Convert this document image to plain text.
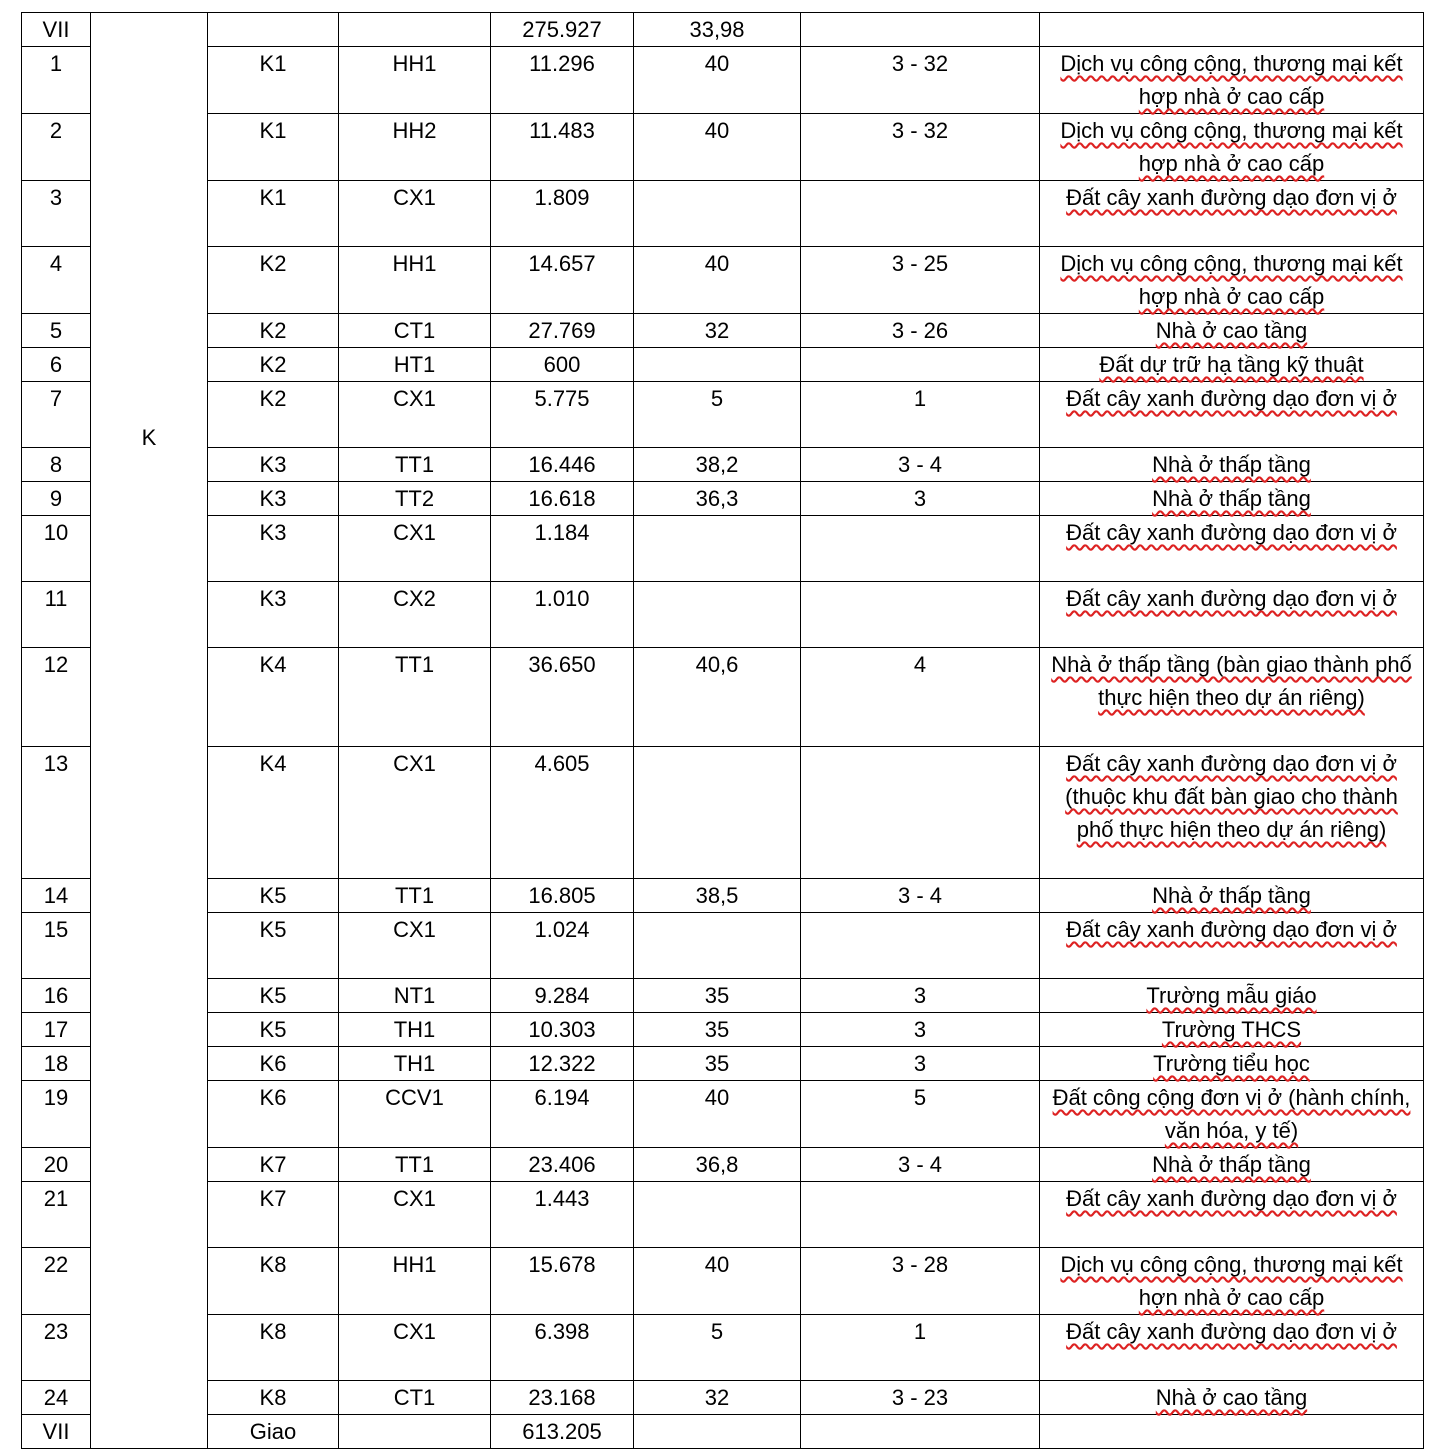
VII	K			275.927	33,98		
1		K1	HH1	11.296	40	3 - 32	Dịch vụ công cộng, thương mại kết hợp nhà ở cao cấp
2		K1	HH2	11.483	40	3 - 32	Dịch vụ công cộng, thương mại kết hợp nhà ở cao cấp
3		K1	CX1	1.809			Đất cây xanh đường dạo đơn vị ở
4		K2	HH1	14.657	40	3 - 25	Dịch vụ công cộng, thương mại kết hợp nhà ở cao cấp
5		K2	CT1	27.769	32	3 - 26	Nhà ở cao tầng
6		K2	HT1	600			Đất dự trữ hạ tầng kỹ thuật
7		K2	CX1	5.775	5	1	Đất cây xanh đường dạo đơn vị ở
8		K3	TT1	16.446	38,2	3 - 4	Nhà ở thấp tầng
9		K3	TT2	16.618	36,3	3	Nhà ở thấp tầng
10		K3	CX1	1.184			Đất cây xanh đường dạo đơn vị ở
11		K3	CX2	1.010			Đất cây xanh đường dạo đơn vị ở
12		K4	TT1	36.650	40,6	4	Nhà ở thấp tầng (bàn giao thành phố thực hiện theo dự án riêng)
13		K4	CX1	4.605			Đất cây xanh đường dạo đơn vị ở (thuộc khu đất bàn giao cho thành phố thực hiện theo dự án riêng)
14		K5	TT1	16.805	38,5	3 - 4	Nhà ở thấp tầng
15		K5	CX1	1.024			Đất cây xanh đường dạo đơn vị ở
16		K5	NT1	9.284	35	3	Trường mẫu giáo
17		K5	TH1	10.303	35	3	Trường THCS
18		K6	TH1	12.322	35	3	Trường tiểu học
19		K6	CCV1	6.194	40	5	Đất công cộng đơn vị ở (hành chính, văn hóa, y tế)
20		K7	TT1	23.406	36,8	3 - 4	Nhà ở thấp tầng
21		K7	CX1	1.443			Đất cây xanh đường dạo đơn vị ở
22		K8	HH1	15.678	40	3 - 28	Dịch vụ công cộng, thương mại kết hợn nhà ở cao cấp
23		K8	CX1	6.398	5	1	Đất cây xanh đường dạo đơn vị ở
24		K8	CT1	23.168	32	3 - 23	Nhà ở cao tầng
VII		Giao		613.205			
